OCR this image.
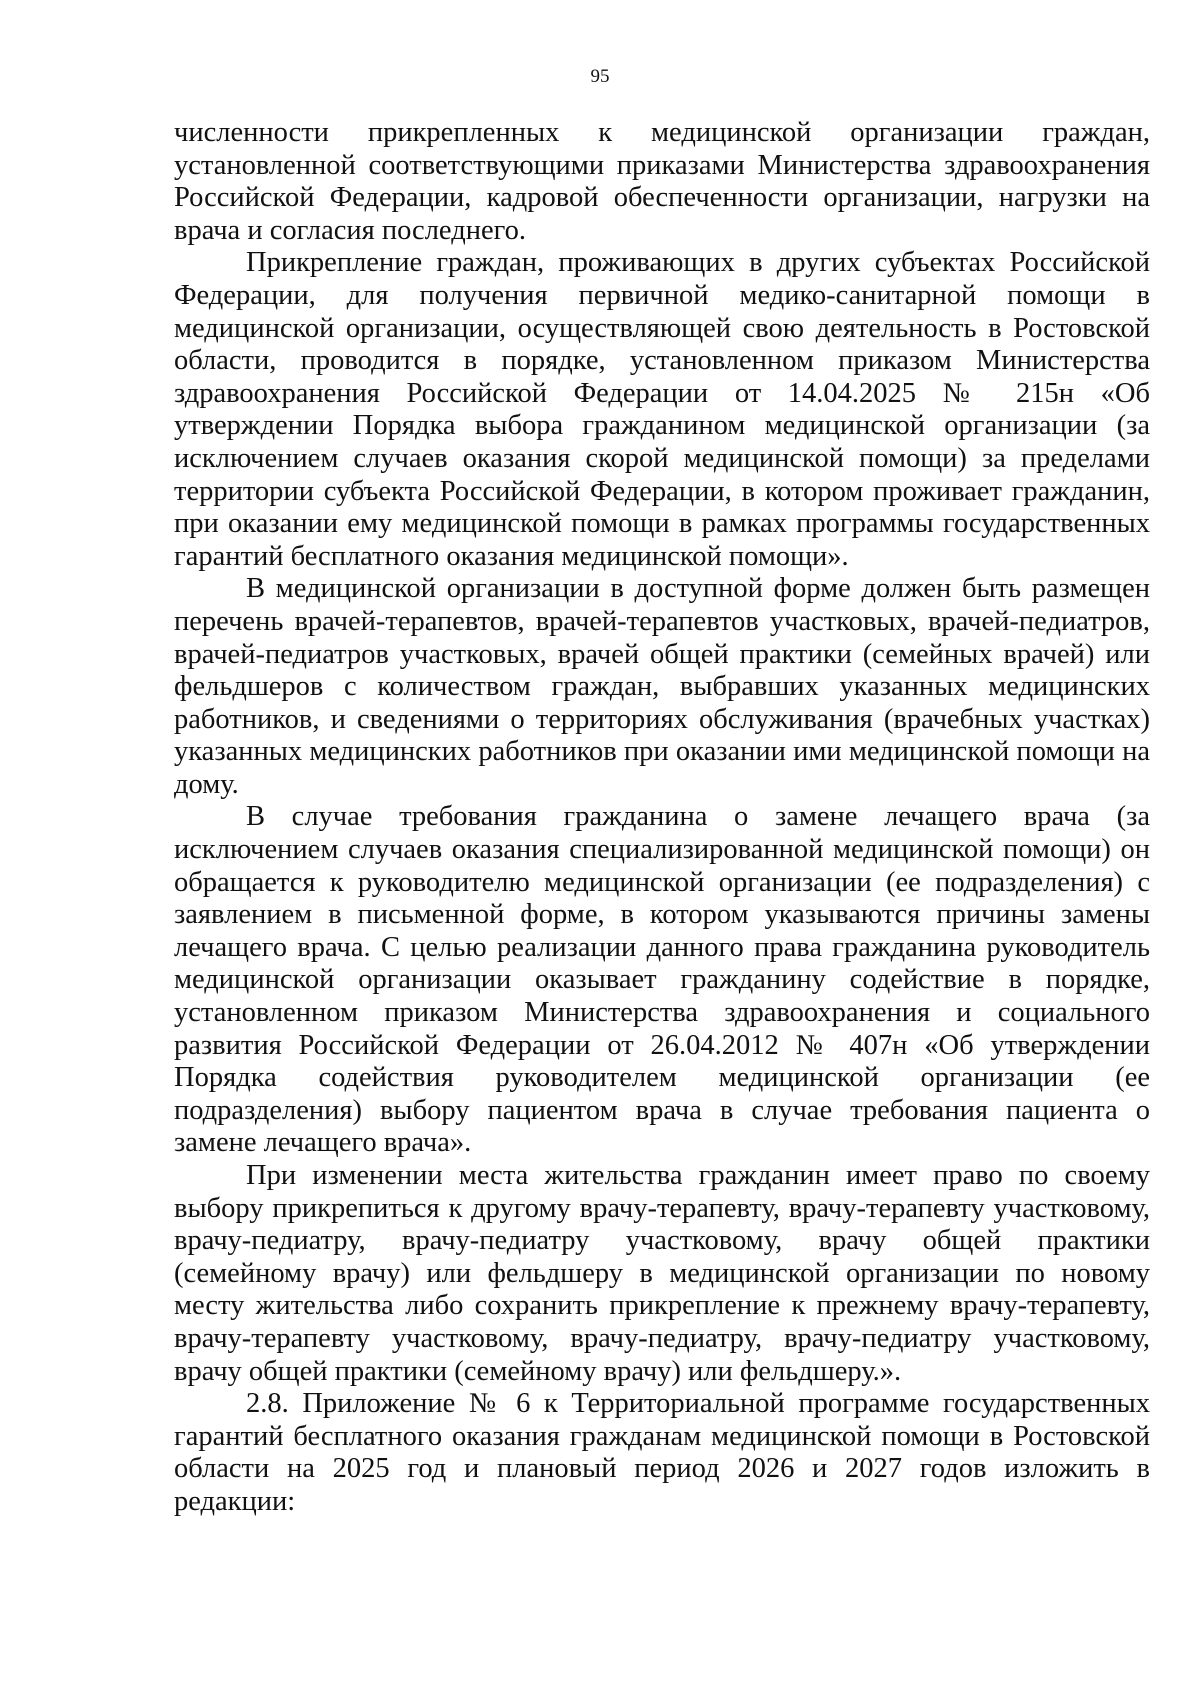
95

численности прикрепленных к медицинской организации граждан, установленной соответствующими приказами Министерства здравоохранения Российской Федерации, кадровой обеспеченности организации, нагрузки на врача и согласия последнего.

Прикрепление граждан, проживающих в других субъектах Российской Федерации, для получения первичной медико-санитарной помощи в медицинской организации, осуществляющей свою деятельность в Ростовской области, проводится в порядке, установленном приказом Министерства здравоохранения Российской Федерации от 14.04.2025 № 215н «Об утверждении Порядка выбора гражданином медицинской организации (за исключением случаев оказания скорой медицинской помощи) за пределами территории субъекта Российской Федерации, в котором проживает гражданин, при оказании ему медицинской помощи в рамках программы государственных гарантий бесплатного оказания медицинской помощи».

В медицинской организации в доступной форме должен быть размещен перечень врачей-терапевтов, врачей-терапевтов участковых, врачей-педиатров, врачей-педиатров участковых, врачей общей практики (семейных врачей) или фельдшеров с количеством граждан, выбравших указанных медицинских работников, и сведениями о территориях обслуживания (врачебных участках) указанных медицинских работников при оказании ими медицинской помощи на дому.

В случае требования гражданина о замене лечащего врача (за исключением случаев оказания специализированной медицинской помощи) он обращается к руководителю медицинской организации (ее подразделения) с заявлением в письменной форме, в котором указываются причины замены лечащего врача. С целью реализации данного права гражданина руководитель медицинской организации оказывает гражданину содействие в порядке, установленном приказом Министерства здравоохранения и социального развития Российской Федерации от 26.04.2012 № 407н «Об утверждении Порядка содействия руководителем медицинской организации (ее подразделения) выбору пациентом врача в случае требования пациента о замене лечащего врача».

При изменении места жительства гражданин имеет право по своему выбору прикрепиться к другому врачу-терапевту, врачу-терапевту участковому, врачу-педиатру, врачу-педиатру участковому, врачу общей практики (семейному врачу) или фельдшеру в медицинской организации по новому месту жительства либо сохранить прикрепление к прежнему врачу-терапевту, врачу-терапевту участковому, врачу-педиатру, врачу-педиатру участковому, врачу общей практики (семейному врачу) или фельдшеру.».

2.8. Приложение № 6 к Территориальной программе государственных гарантий бесплатного оказания гражданам медицинской помощи в Ростовской области на 2025 год и плановый период 2026 и 2027 годов изложить в редакции:
